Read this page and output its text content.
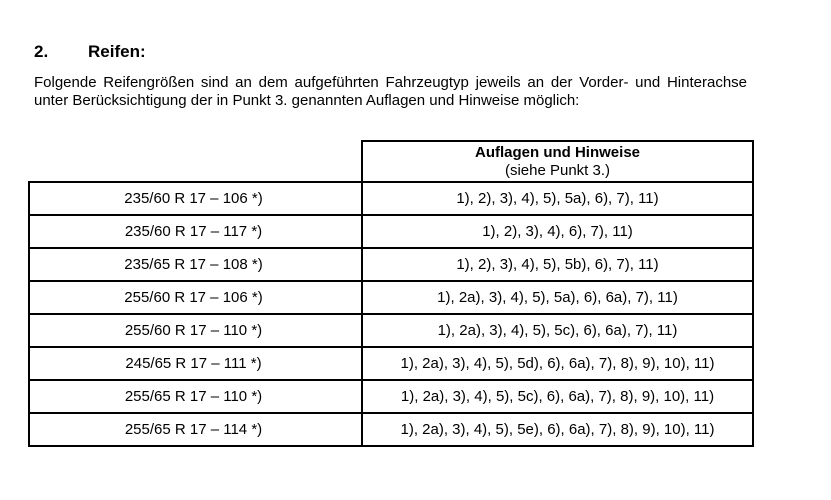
2. Reifen:
Folgende Reifengrößen sind an dem aufgeführten Fahrzeugtyp jeweils an der Vorder- und Hinterachse unter Berücksichtigung der in Punkt 3. genannten Auflagen und Hinweise möglich:

	Auflagen und Hinweise
(siehe Punkt 3.)

235/60 R 17 – 106 *)	1), 2), 3), 4), 5), 5a), 6), 7), 11)
235/60 R 17 – 117 *)	1), 2), 3), 4), 6), 7), 11)
235/65 R 17 – 108 *)	1), 2), 3), 4), 5), 5b), 6), 7), 11)
255/60 R 17 – 106 *)	1), 2a), 3), 4), 5), 5a), 6), 6a), 7), 11)
255/60 R 17 – 110 *)	1), 2a), 3), 4), 5), 5c), 6), 6a), 7), 11)
245/65 R 17 – 111 *)	1), 2a), 3), 4), 5), 5d), 6), 6a), 7), 8), 9), 10), 11)
255/65 R 17 – 110 *)	1), 2a), 3), 4), 5), 5c), 6), 6a), 7), 8), 9), 10), 11)
255/65 R 17 – 114 *)	1), 2a), 3), 4), 5), 5e), 6), 6a), 7), 8), 9), 10), 11)
